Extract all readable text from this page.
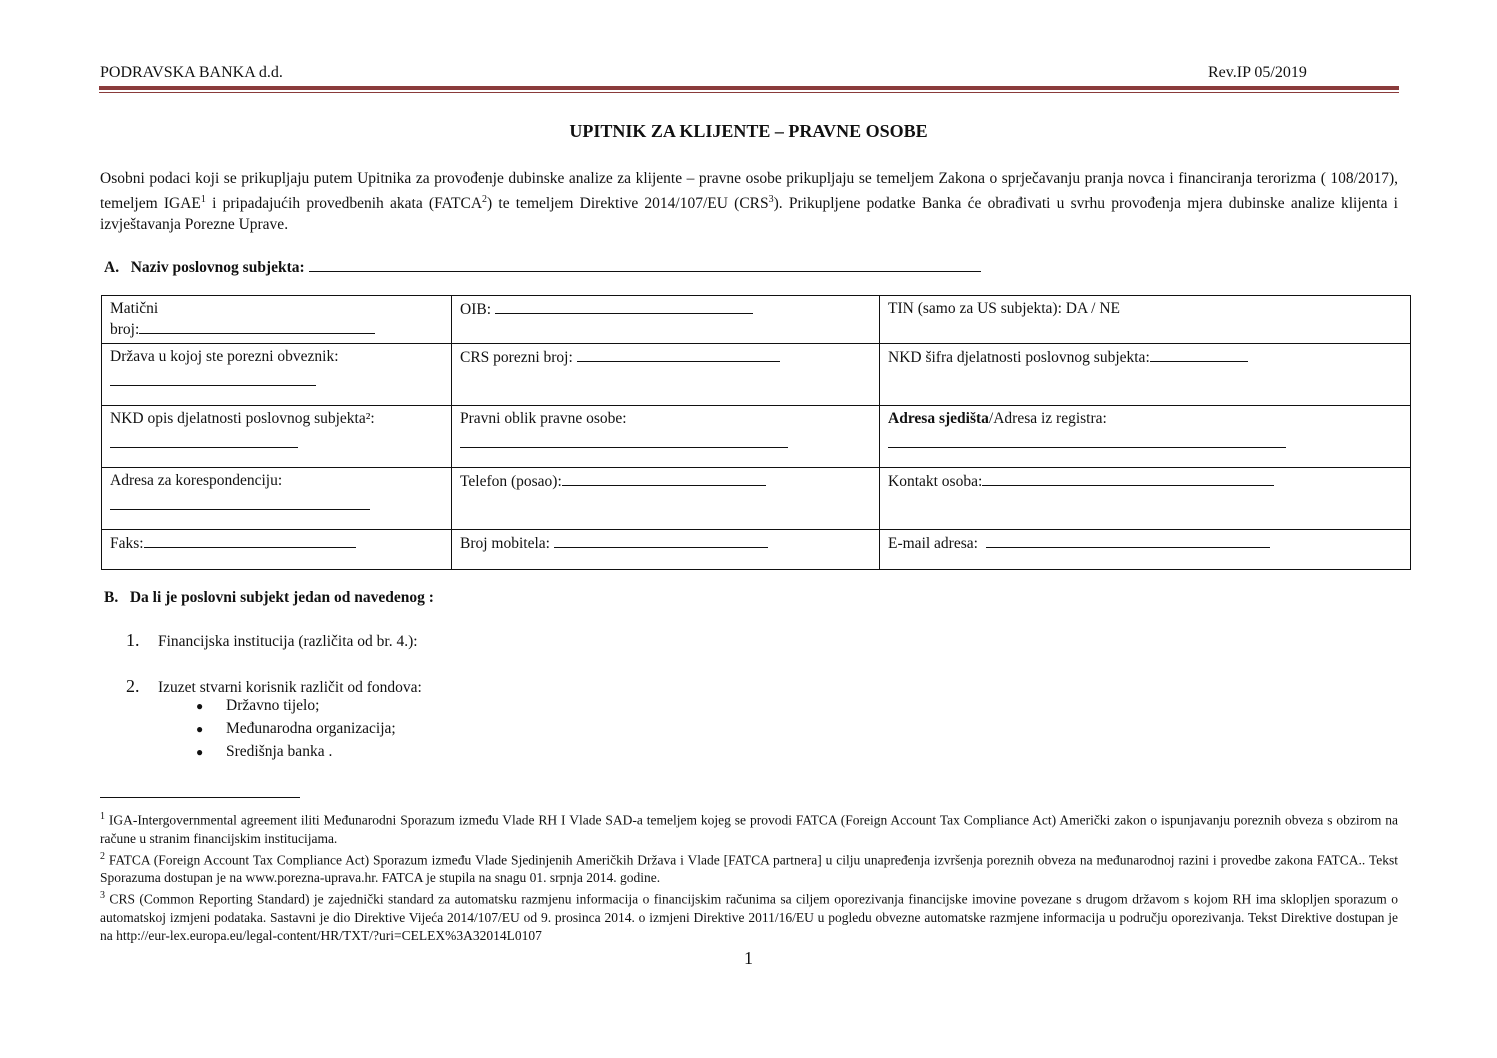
PODRAVSKA BANKA d.d.	Rev.IP 05/2019
UPITNIK ZA KLIJENTE – PRAVNE OSOBE
Osobni podaci koji se prikupljaju putem Upitnika za provođenje dubinske analize za klijente – pravne osobe prikupljaju se temeljem Zakona o sprječavanju pranja novca i financiranja terorizma ( 108/2017), temeljem IGAE$^1$ i pripadajućih provedbenih akata (FATCA$^2$) te temeljem Direktive 2014/107/EU (CRS$^3$). Prikupljene podatke Banka će obrađivati u svrhu provođenja mjera dubinske analize klijenta i izvještavanja Porezne Uprave.
A. Naziv poslovnog subjekta:
Matični
broj:	OIB:	TIN (samo za US subjekta): DA / NE
Država u kojoj ste porezni obveznik:	CRS porezni broj:	NKD šifra djelatnosti poslovnog subjekta:
NKD opis djelatnosti poslovnog subjekta²:	Pravni oblik pravne osobe:	Adresa sjedišta/Adresa iz registra:

Adresa za korespondenciju:	Telefon (posao):	Kontakt osoba:
Faks:	Broj mobitela:	E-mail adresa:
B. Da li je poslovni subjekt jedan od navedenog :
1. Financijska institucija (različita od br. 4.):
2. Izuzet stvarni korisnik različit od fondova:
● Državno tijelo;
● Međunarodna organizacija;
● Središnja banka .

$^1$ IGA-Intergovernmental agreement iliti Međunarodni Sporazum između Vlade RH I Vlade SAD-a temeljem kojeg se provodi FATCA (Foreign Account Tax Compliance Act) Američki zakon o ispunjavanju poreznih obveza s obzirom na račune u stranim financijskim institucijama.

$^2$ FATCA (Foreign Account Tax Compliance Act) Sporazum između Vlade Sjedinjenih Američkih Država i Vlade [FATCA partnera] u cilju unapređenja izvršenja poreznih obveza na međunarodnoj razini i provedbe zakona FATCA.. Tekst Sporazuma dostupan je na www.porezna-uprava.hr. FATCA je stupila na snagu 01. srpnja 2014. godine.

$^3$ CRS (Common Reporting Standard) je zajednički standard za automatsku razmjenu informacija o financijskim računima sa ciljem oporezivanja financijske imovine povezane s drugom državom s kojom RH ima sklopljen sporazum o automatskoj izmjeni podataka. Sastavni je dio Direktive Vijeća 2014/107/EU od 9. prosinca 2014. o izmjeni Direktive 2011/16/EU u pogledu obvezne automatske razmjene informacija u području oporezivanja. Tekst Direktive dostupan je na http://eur-lex.europa.eu/legal-content/HR/TXT/?uri=CELEX%3A32014L0107

1
